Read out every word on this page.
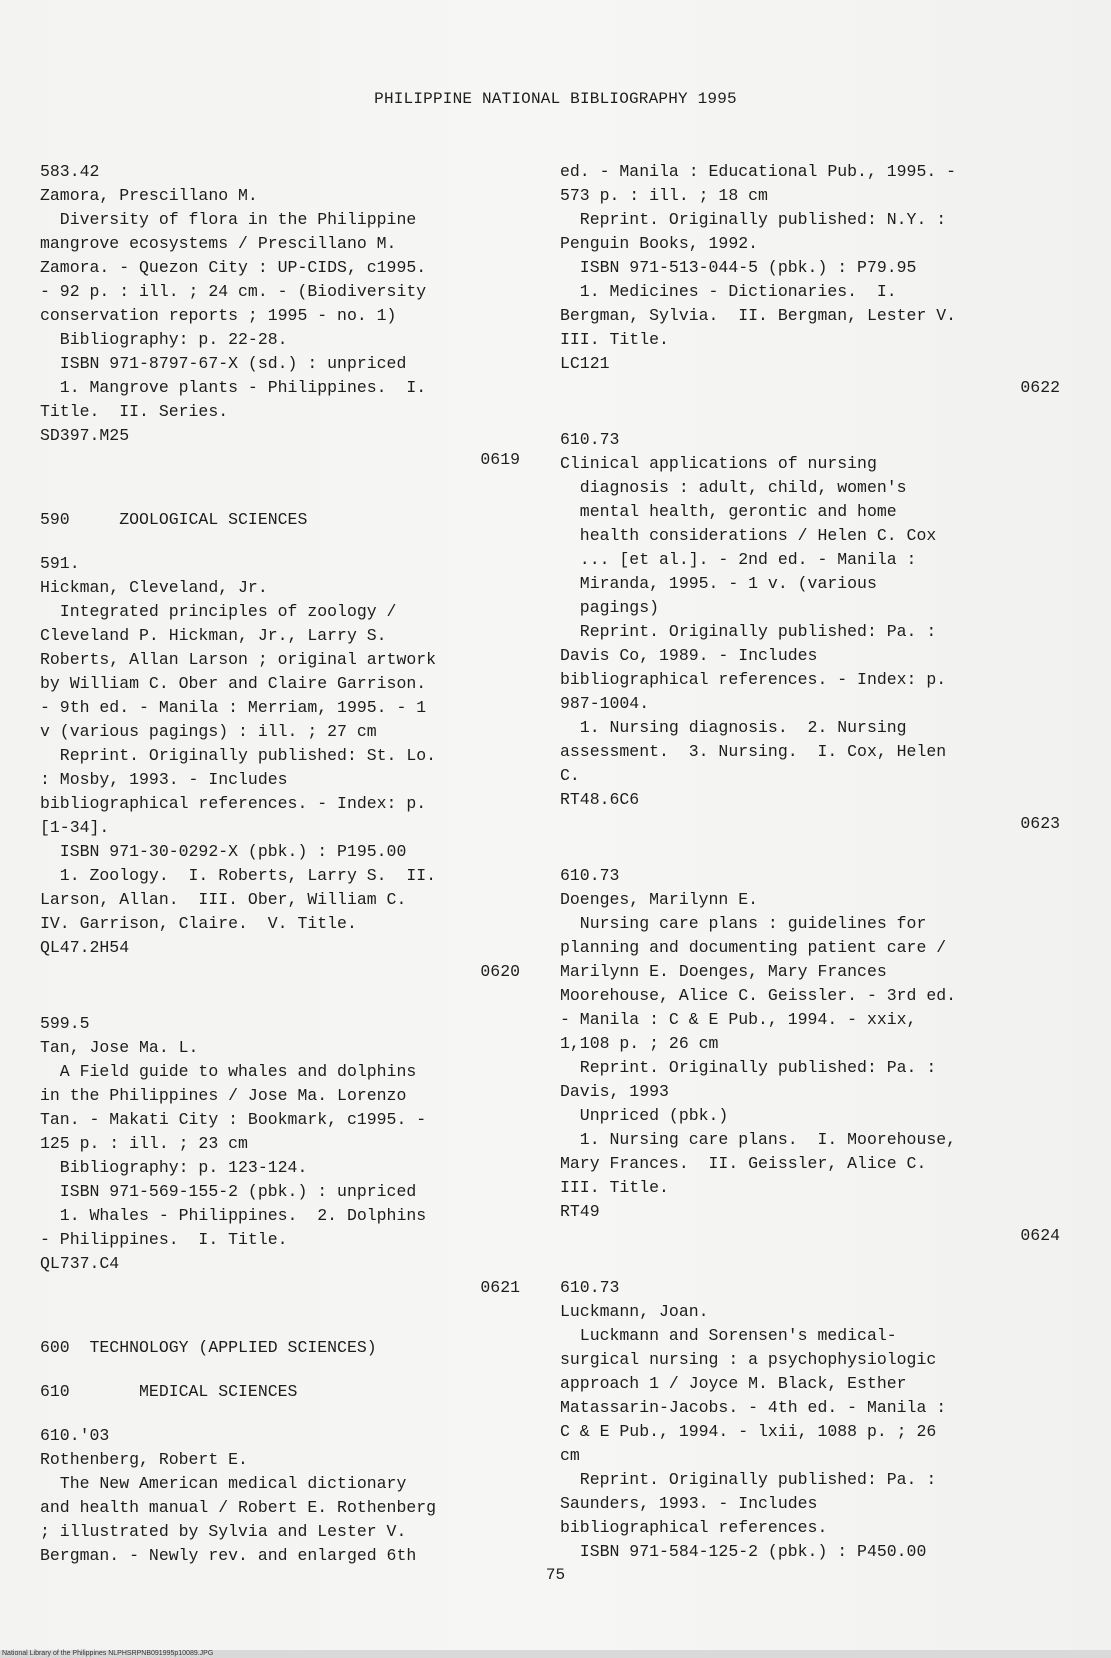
PHILIPPINE NATIONAL BIBLIOGRAPHY 1995
583.42
Zamora, Prescillano M.
Diversity of flora in the Philippine
mangrove ecosystems / Prescillano M.
Zamora. - Quezon City : UP-CIDS, c1995.
- 92 p. : ill. ; 24 cm. - (Biodiversity
conservation reports ; 1995 - no. 1)
Bibliography: p. 22-28.
ISBN 971-8797-67-X (sd.) : unpriced
1. Mangrove plants - Philippines.  I.
Title.  II. Series.
SD397.M25
0619
590     ZOOLOGICAL SCIENCES
591.
Hickman, Cleveland, Jr.
Integrated principles of zoology /
Cleveland P. Hickman, Jr., Larry S.
Roberts, Allan Larson ; original artwork
by William C. Ober and Claire Garrison.
- 9th ed. - Manila : Merriam, 1995. - 1
v (various pagings) : ill. ; 27 cm
Reprint. Originally published: St. Lo.
: Mosby, 1993. - Includes
bibliographical references. - Index: p.
[1-34].
ISBN 971-30-0292-X (pbk.) : P195.00
1. Zoology.  I. Roberts, Larry S.  II.
Larson, Allan.  III. Ober, William C.
IV. Garrison, Claire.  V. Title.
QL47.2H54
0620
599.5
Tan, Jose Ma. L.
A Field guide to whales and dolphins
in the Philippines / Jose Ma. Lorenzo
Tan. - Makati City : Bookmark, c1995. -
125 p. : ill. ; 23 cm
Bibliography: p. 123-124.
ISBN 971-569-155-2 (pbk.) : unpriced
1. Whales - Philippines.  2. Dolphins
- Philippines.  I. Title.
QL737.C4
0621
600  TECHNOLOGY (APPLIED SCIENCES)
610       MEDICAL SCIENCES
610.'03
Rothenberg, Robert E.
The New American medical dictionary
and health manual / Robert E. Rothenberg
; illustrated by Sylvia and Lester V.
Bergman. - Newly rev. and enlarged 6th
ed. - Manila : Educational Pub., 1995. -
573 p. : ill. ; 18 cm
Reprint. Originally published: N.Y. :
Penguin Books, 1992.
ISBN 971-513-044-5 (pbk.) : P79.95
1. Medicines - Dictionaries.  I.
Bergman, Sylvia.  II. Bergman, Lester V.
III. Title.
LC121
0622
610.73
Clinical applications of nursing
diagnosis : adult, child, women's
mental health, gerontic and home
health considerations / Helen C. Cox
... [et al.]. - 2nd ed. - Manila :
Miranda, 1995. - 1 v. (various
pagings)
Reprint. Originally published: Pa. :
Davis Co, 1989. - Includes
bibliographical references. - Index: p.
987-1004.
1. Nursing diagnosis.  2. Nursing
assessment.  3. Nursing.  I. Cox, Helen
C.
RT48.6C6
0623
610.73
Doenges, Marilynn E.
Nursing care plans : guidelines for
planning and documenting patient care /
Marilynn E. Doenges, Mary Frances
Moorehouse, Alice C. Geissler. - 3rd ed.
- Manila : C & E Pub., 1994. - xxix,
1,108 p. ; 26 cm
Reprint. Originally published: Pa. :
Davis, 1993
Unpriced (pbk.)
1. Nursing care plans.  I. Moorehouse,
Mary Frances.  II. Geissler, Alice C.
III. Title.
RT49
0624
610.73
Luckmann, Joan.
Luckmann and Sorensen's medical-
surgical nursing : a psychophysiologic
approach 1 / Joyce M. Black, Esther
Matassarin-Jacobs. - 4th ed. - Manila :
C & E Pub., 1994. - lxii, 1088 p. ; 26
cm
Reprint. Originally published: Pa. :
Saunders, 1993. - Includes
bibliographical references.
ISBN 971-584-125-2 (pbk.) : P450.00
75
National Library of the Philippines NLPHSRPNB091995p10089.JPG
